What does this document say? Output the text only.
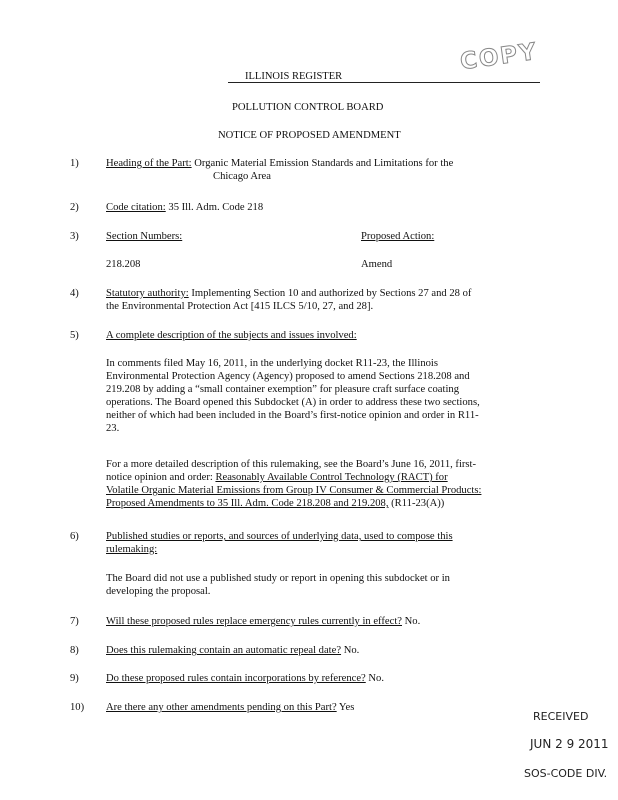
COPY
ILLINOIS REGISTER
POLLUTION CONTROL BOARD
NOTICE OF PROPOSED AMENDMENT
1)	Heading of the Part: Organic Material Emission Standards and Limitations for the
Chicago Area
2)	Code citation: 35 Ill. Adm. Code 218
3)	Section Numbers:	Proposed Action:
218.208	Amend
4)	Statutory authority: Implementing Section 10 and authorized by Sections 27 and 28 of
the Environmental Protection Act [415 ILCS 5/10, 27, and 28].
5)	A complete description of the subjects and issues involved:
In comments filed May 16, 2011, in the underlying docket R11-23, the Illinois
Environmental Protection Agency (Agency) proposed to amend Sections 218.208 and
219.208 by adding a “small container exemption” for pleasure craft surface coating
operations. The Board opened this Subdocket (A) in order to address these two sections,
neither of which had been included in the Board’s first-notice opinion and order in R11-
23.
For a more detailed description of this rulemaking, see the Board’s June 16, 2011, first-
notice opinion and order: Reasonably Available Control Technology (RACT) for
Volatile Organic Material Emissions from Group IV Consumer & Commercial Products:
Proposed Amendments to 35 Ill. Adm. Code 218.208 and 219.208, (R11-23(A))
6)	Published studies or reports, and sources of underlying data, used to compose this
rulemaking:
The Board did not use a published study or report in opening this subdocket or in
developing the proposal.
7)	Will these proposed rules replace emergency rules currently in effect? No.
8)	Does this rulemaking contain an automatic repeal date? No.
9)	Do these proposed rules contain incorporations by reference? No.
10)	Are there any other amendments pending on this Part? Yes
RECEIVED
JUN 2 9 2011
SOS-CODE DIV.
